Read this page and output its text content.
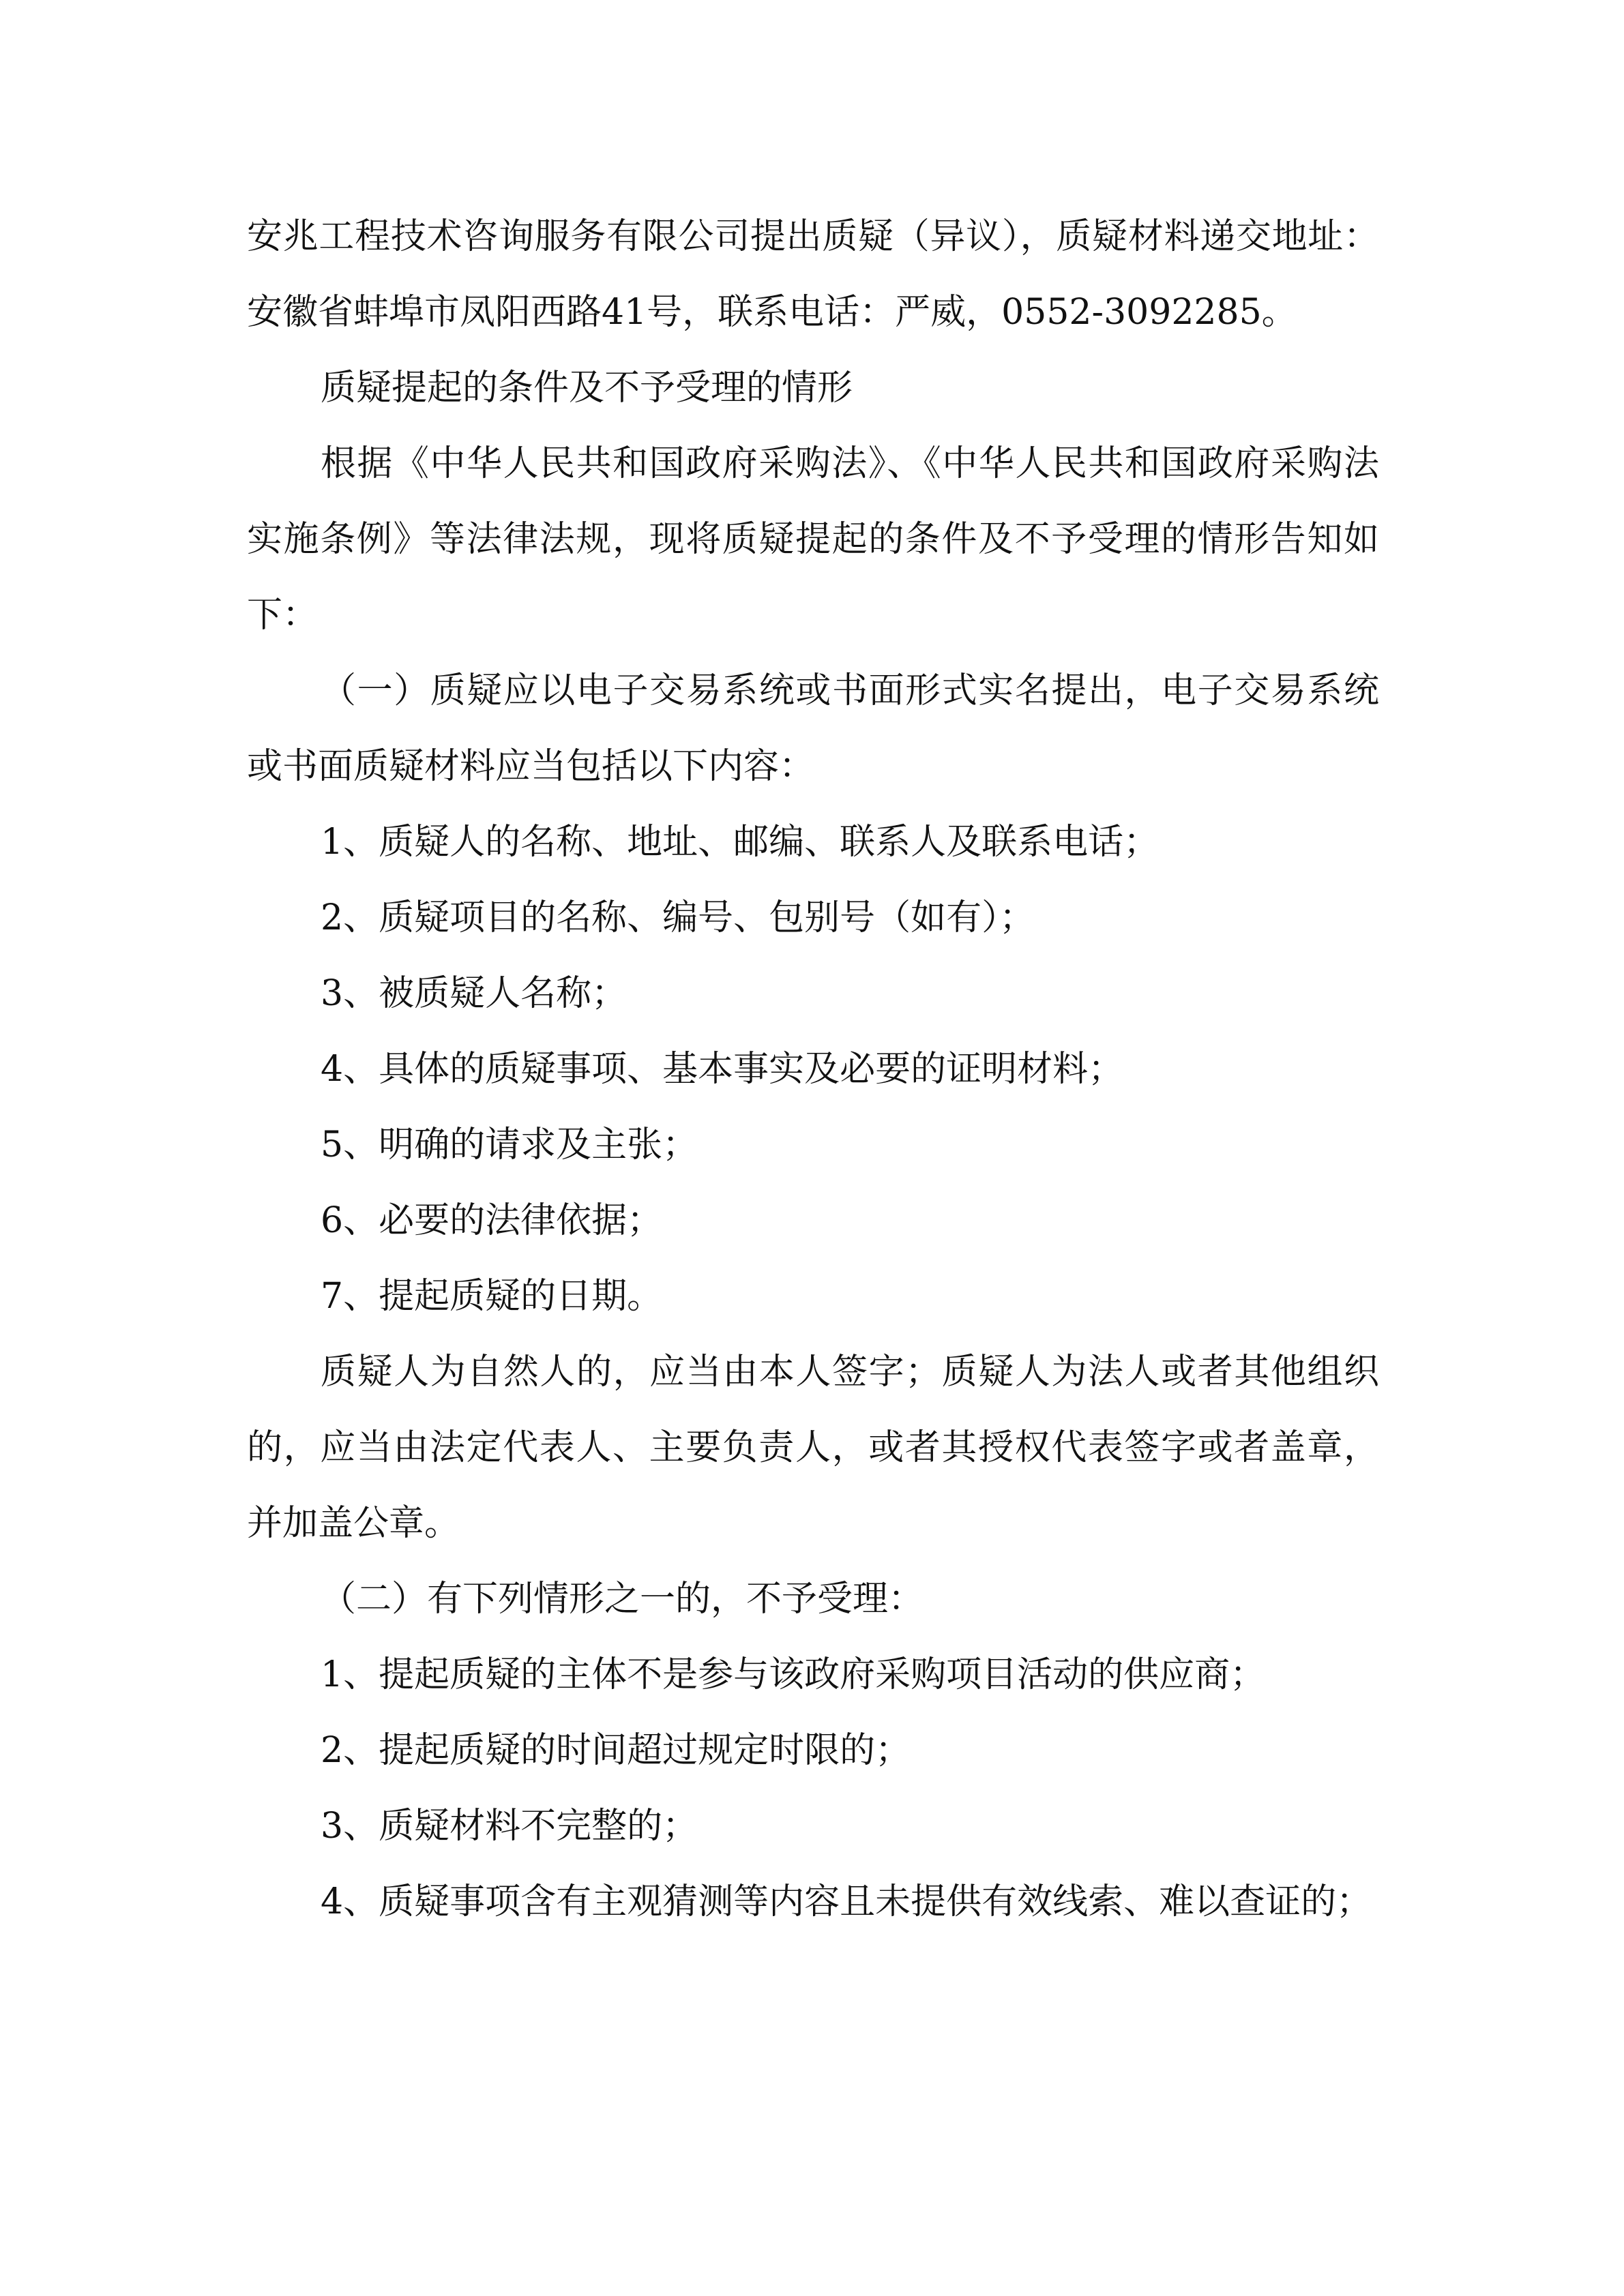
安兆工程技术咨询服务有限公司提出质疑（异议），质疑材料递交地址：安徽省蚌埠市凤阳西路41号，联系电话：严威，0552-3092285。

质疑提起的条件及不予受理的情形

根据《中华人民共和国政府采购法》、《中华人民共和国政府采购法实施条例》等法律法规，现将质疑提起的条件及不予受理的情形告知如下：

（一）质疑应以电子交易系统或书面形式实名提出，电子交易系统或书面质疑材料应当包括以下内容：

1、质疑人的名称、地址、邮编、联系人及联系电话；

2、质疑项目的名称、编号、包别号（如有）；

3、被质疑人名称；

4、具体的质疑事项、基本事实及必要的证明材料；

5、明确的请求及主张；

6、必要的法律依据；

7、提起质疑的日期。

质疑人为自然人的，应当由本人签字；质疑人为法人或者其他组织的，应当由法定代表人、主要负责人，或者其授权代表签字或者盖章，并加盖公章。

（二）有下列情形之一的，不予受理：

1、提起质疑的主体不是参与该政府采购项目活动的供应商；

2、提起质疑的时间超过规定时限的；

3、质疑材料不完整的；

4、质疑事项含有主观猜测等内容且未提供有效线索、难以查证的；
